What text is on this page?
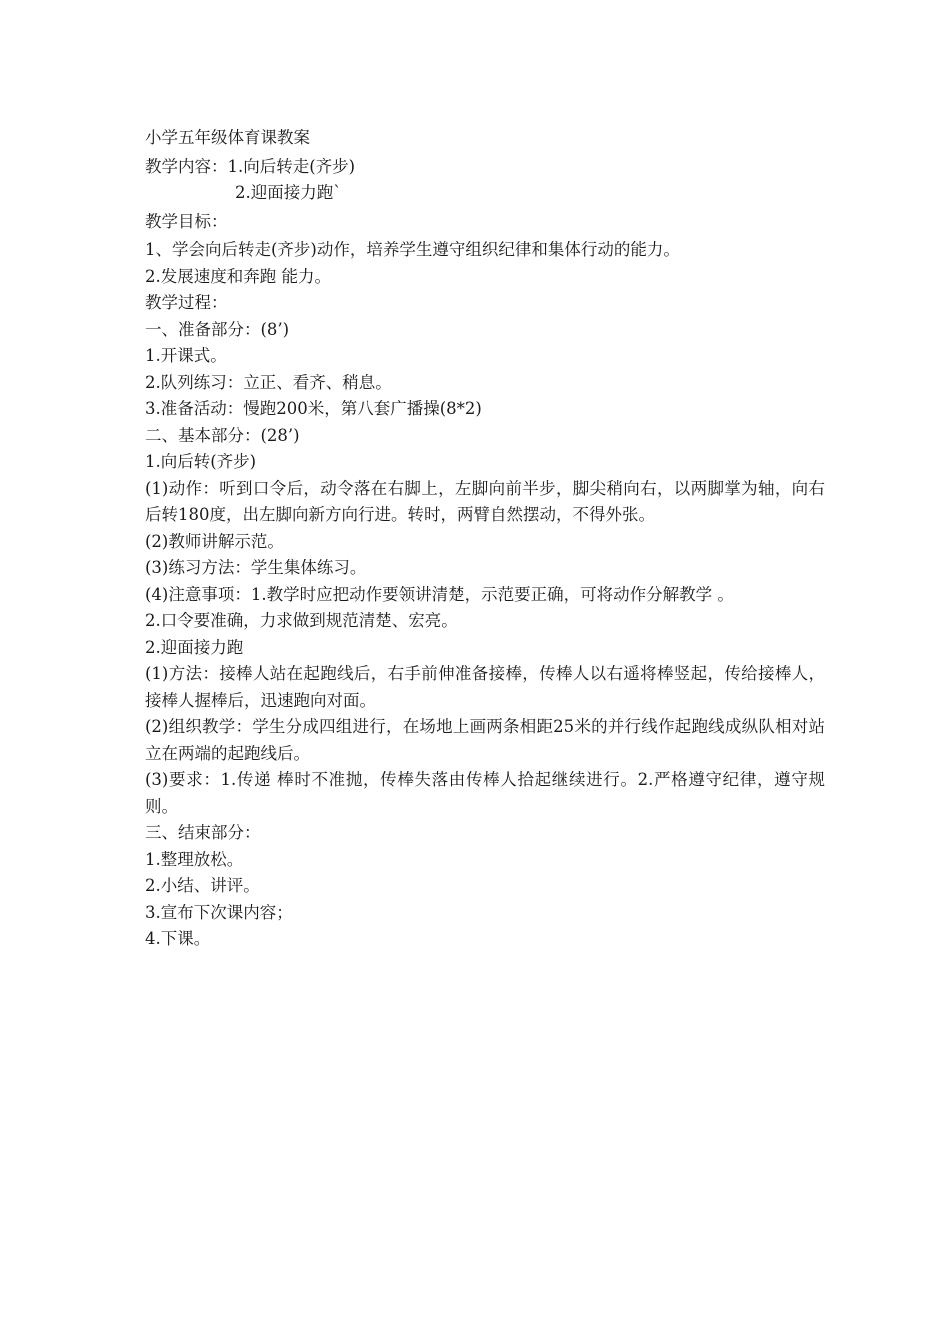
小学五年级体育课教案

教学内容：1.向后转走(齐步)

2.迎面接力跑`

教学目标：

1、学会向后转走(齐步)动作，培养学生遵守组织纪律和集体行动的能力。

2.发展速度和奔跑 能力。

教学过程：

一、准备部分：(8’)

1.开课式。

2.队列练习：立正、看齐、稍息。

3.准备活动：慢跑200米，第八套广播操(8*2)

二、基本部分：(28’)

1.向后转(齐步)

(1)动作：听到口令后，动令落在右脚上，左脚向前半步，脚尖稍向右，以两脚掌为轴，向右后转180度，出左脚向新方向行进。转时，两臂自然摆动，不得外张。

(2)教师讲解示范。

(3)练习方法：学生集体练习。

(4)注意事项：1.教学时应把动作要领讲清楚，示范要正确，可将动作分解教学 。

2.口令要准确，力求做到规范清楚、宏亮。

2.迎面接力跑

(1)方法：接棒人站在起跑线后，右手前伸准备接棒，传棒人以右遥将棒竖起，传给接棒人，接棒人握棒后，迅速跑向对面。

(2)组织教学：学生分成四组进行，在场地上画两条相距25米的并行线作起跑线成纵队相对站立在两端的起跑线后。

(3)要求：1.传递 棒时不准抛，传棒失落由传棒人拾起继续进行。2.严格遵守纪律，遵守规则。

三、结束部分：

1.整理放松。

2.小结、讲评。

3.宣布下次课内容；

4.下课。
